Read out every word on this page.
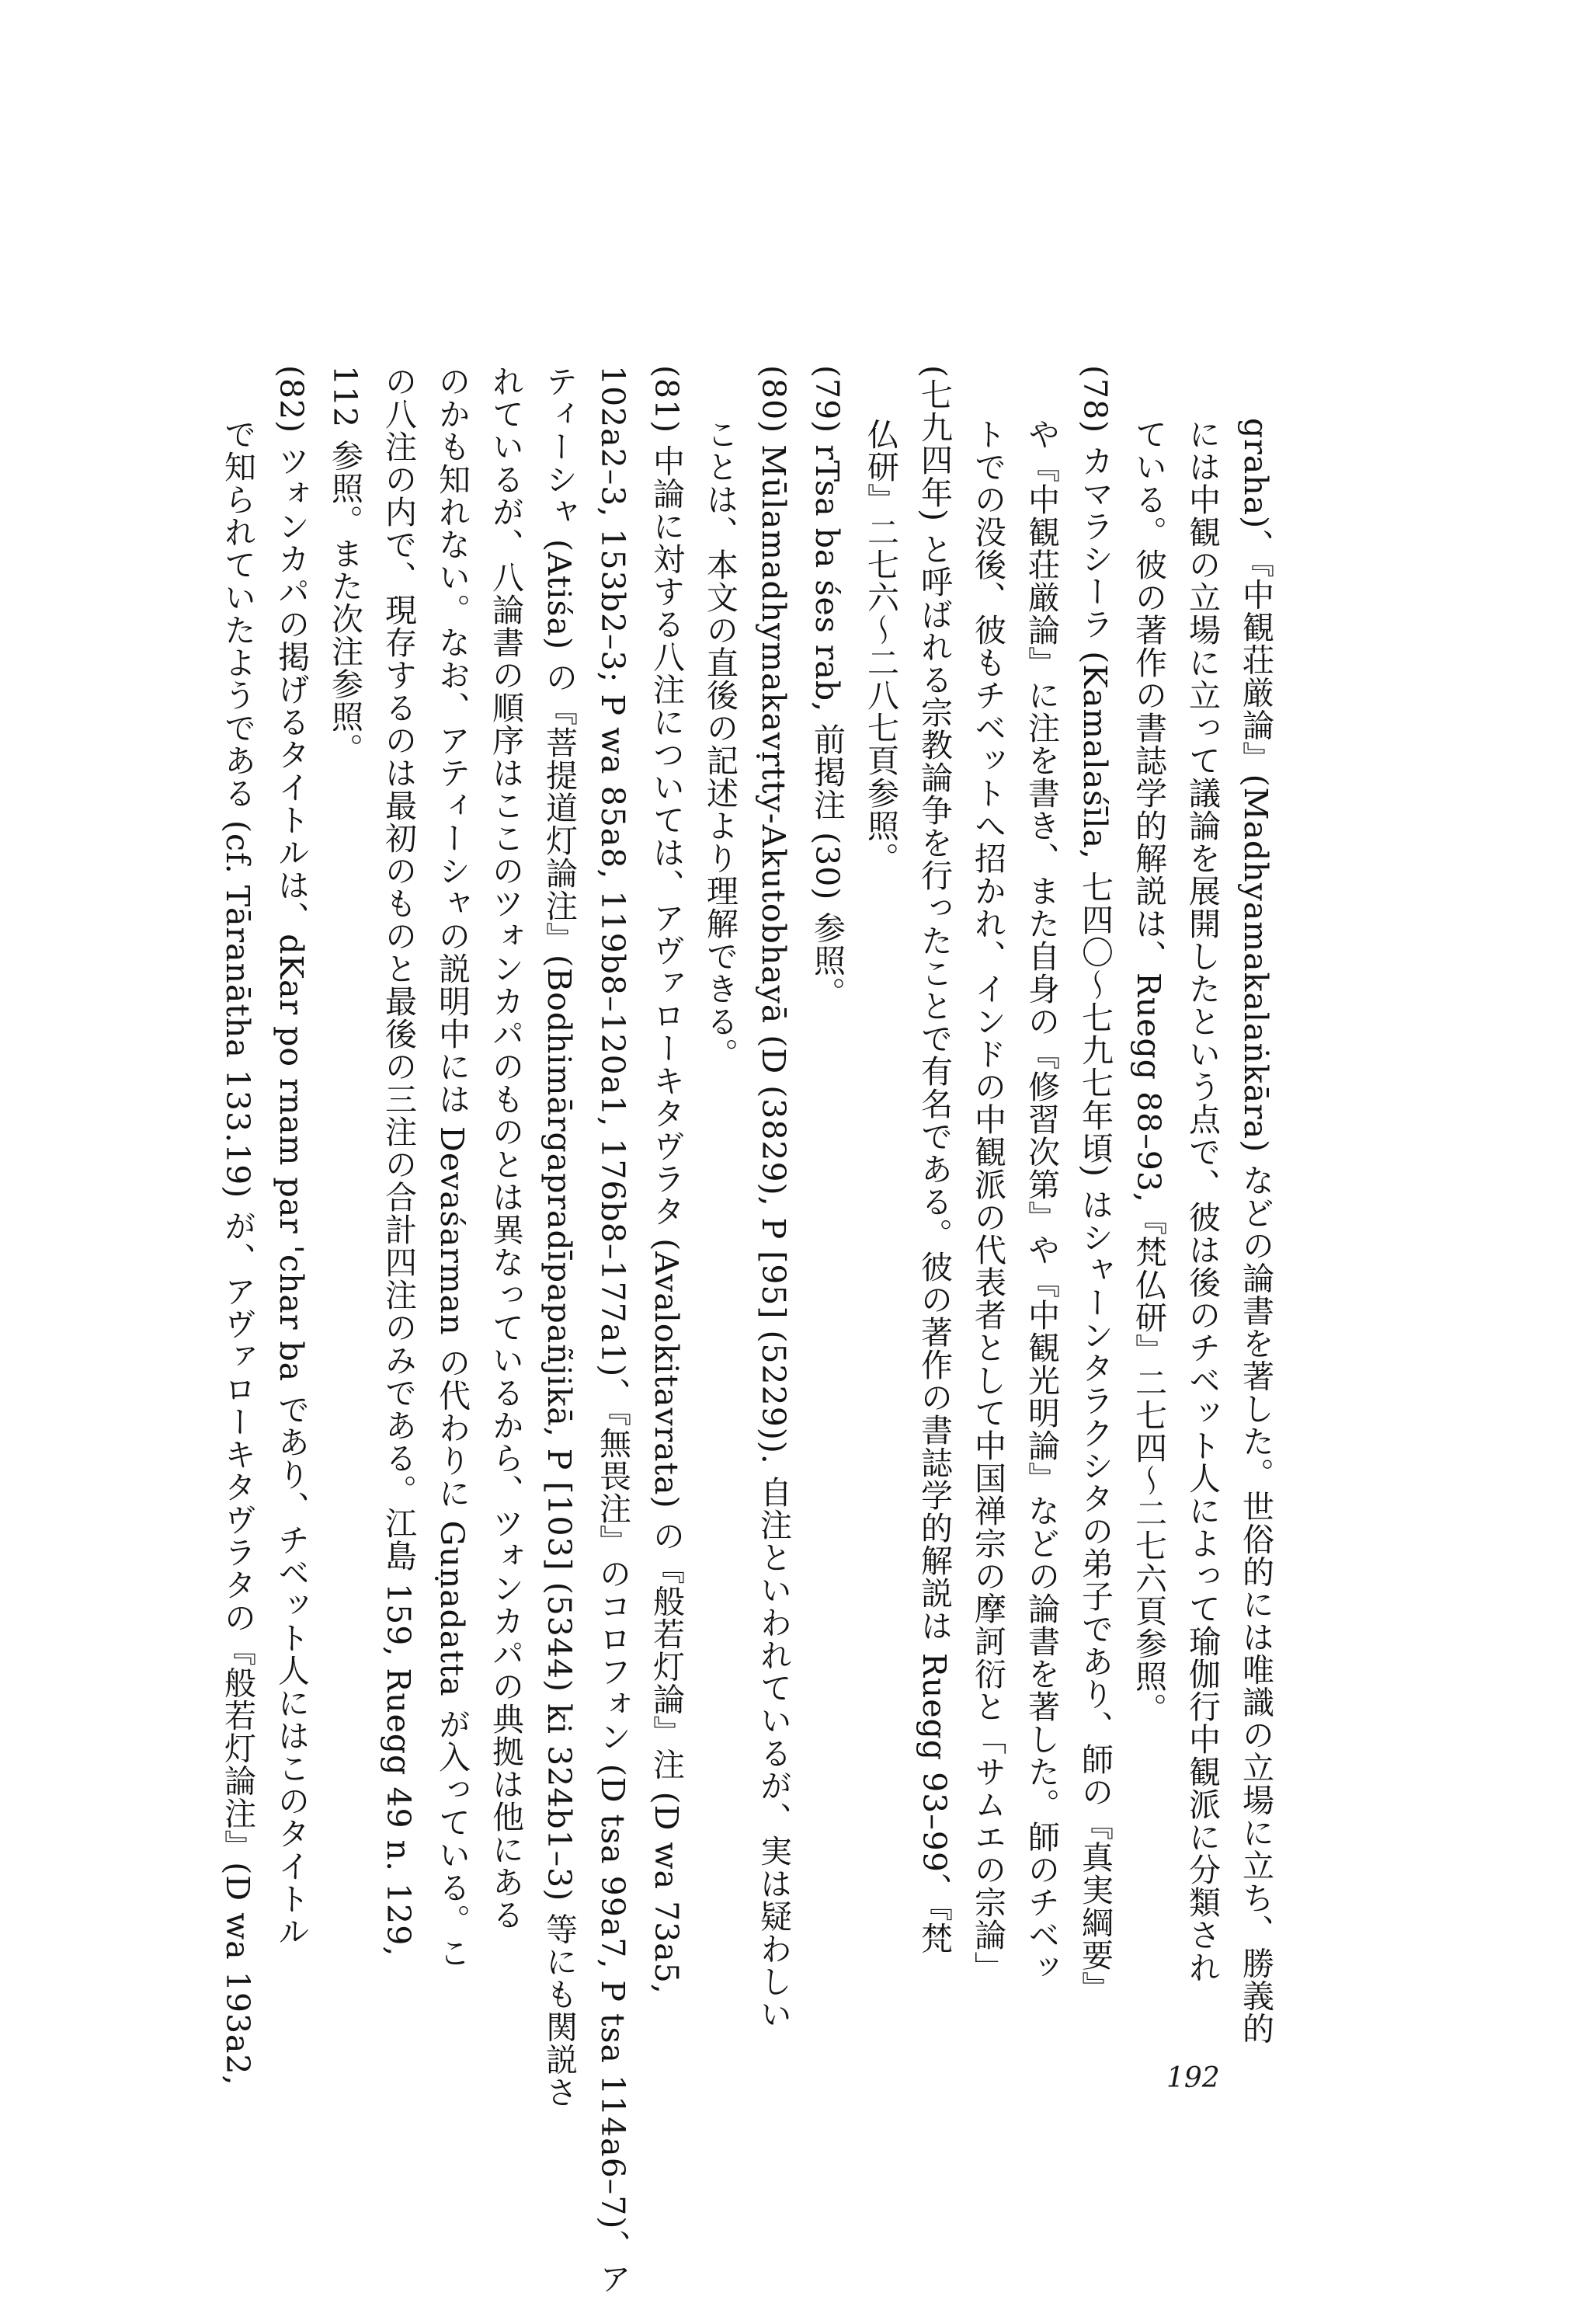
graha)、『中観荘厳論』(Madhyamakalaṅkāra) などの論書を著した。世俗的には唯識の立場に立ち、勝義的
には中観の立場に立って議論を展開したという点で、彼は後のチベット人によって瑜伽行中観派に分類され
ている。彼の著作の書誌学的解説は、Ruegg 88–93,『梵仏研』二七四〜二七六頁参照。
(78) カマラシーラ (Kamalaśīla, 七四〇〜七九七年頃) はシャーンタラクシタの弟子であり、師の『真実綱要』
や『中観荘厳論』に注を書き、また自身の『修習次第』や『中観光明論』などの論書を著した。師のチベッ
トでの没後、彼もチベットへ招かれ、インドの中観派の代表者として中国禅宗の摩訶衍と「サムエの宗論」
(七九四年) と呼ばれる宗教論争を行ったことで有名である。彼の著作の書誌学的解説は Ruegg 93–99、『梵
仏研』二七六〜二八七頁参照。
(79) rTsa ba śes rab, 前掲注 (30) 参照。
(80) Mūlamadhymakavṛtty-Akutobhayā (D (3829), P [95] (5229)). 自注といわれているが、実は疑わしい
ことは、本文の直後の記述より理解できる。
(81) 中論に対する八注については、アヴァローキタヴラタ (Avalokitavrata) の『般若灯論』注 (D wa 73a5,
102a2–3, 153b2–3; P wa 85a8, 119b8–120a1, 176b8–177a1)、『無畏注』のコロフォン (D tsa 99a7, P tsa 114a6–7)、ア
ティーシャ (Atiśa) の『菩提道灯論注』(Bodhimārgapradīpapañjikā, P [103] (5344) ki 324b1–3) 等にも関説さ
れているが、八論書の順序はここのツォンカパのものとは異なっているから、ツォンカパの典拠は他にある
のかも知れない。なお、アティーシャの説明中には Devaśarman の代わりに Guṇadatta が入っている。こ
の八注の内で、現存するのは最初のものと最後の三注の合計四注のみである。江島 159, Ruegg 49 n. 129,
112 参照。また次注参照。
(82) ツォンカパの掲げるタイトルは、dKar po rnam par 'char ba であり、チベット人にはこのタイトル
で知られていたようである (cf. Tāranātha 133.19) が、アヴァローキタヴラタの『般若灯論注』(D wa 193a2,	192
